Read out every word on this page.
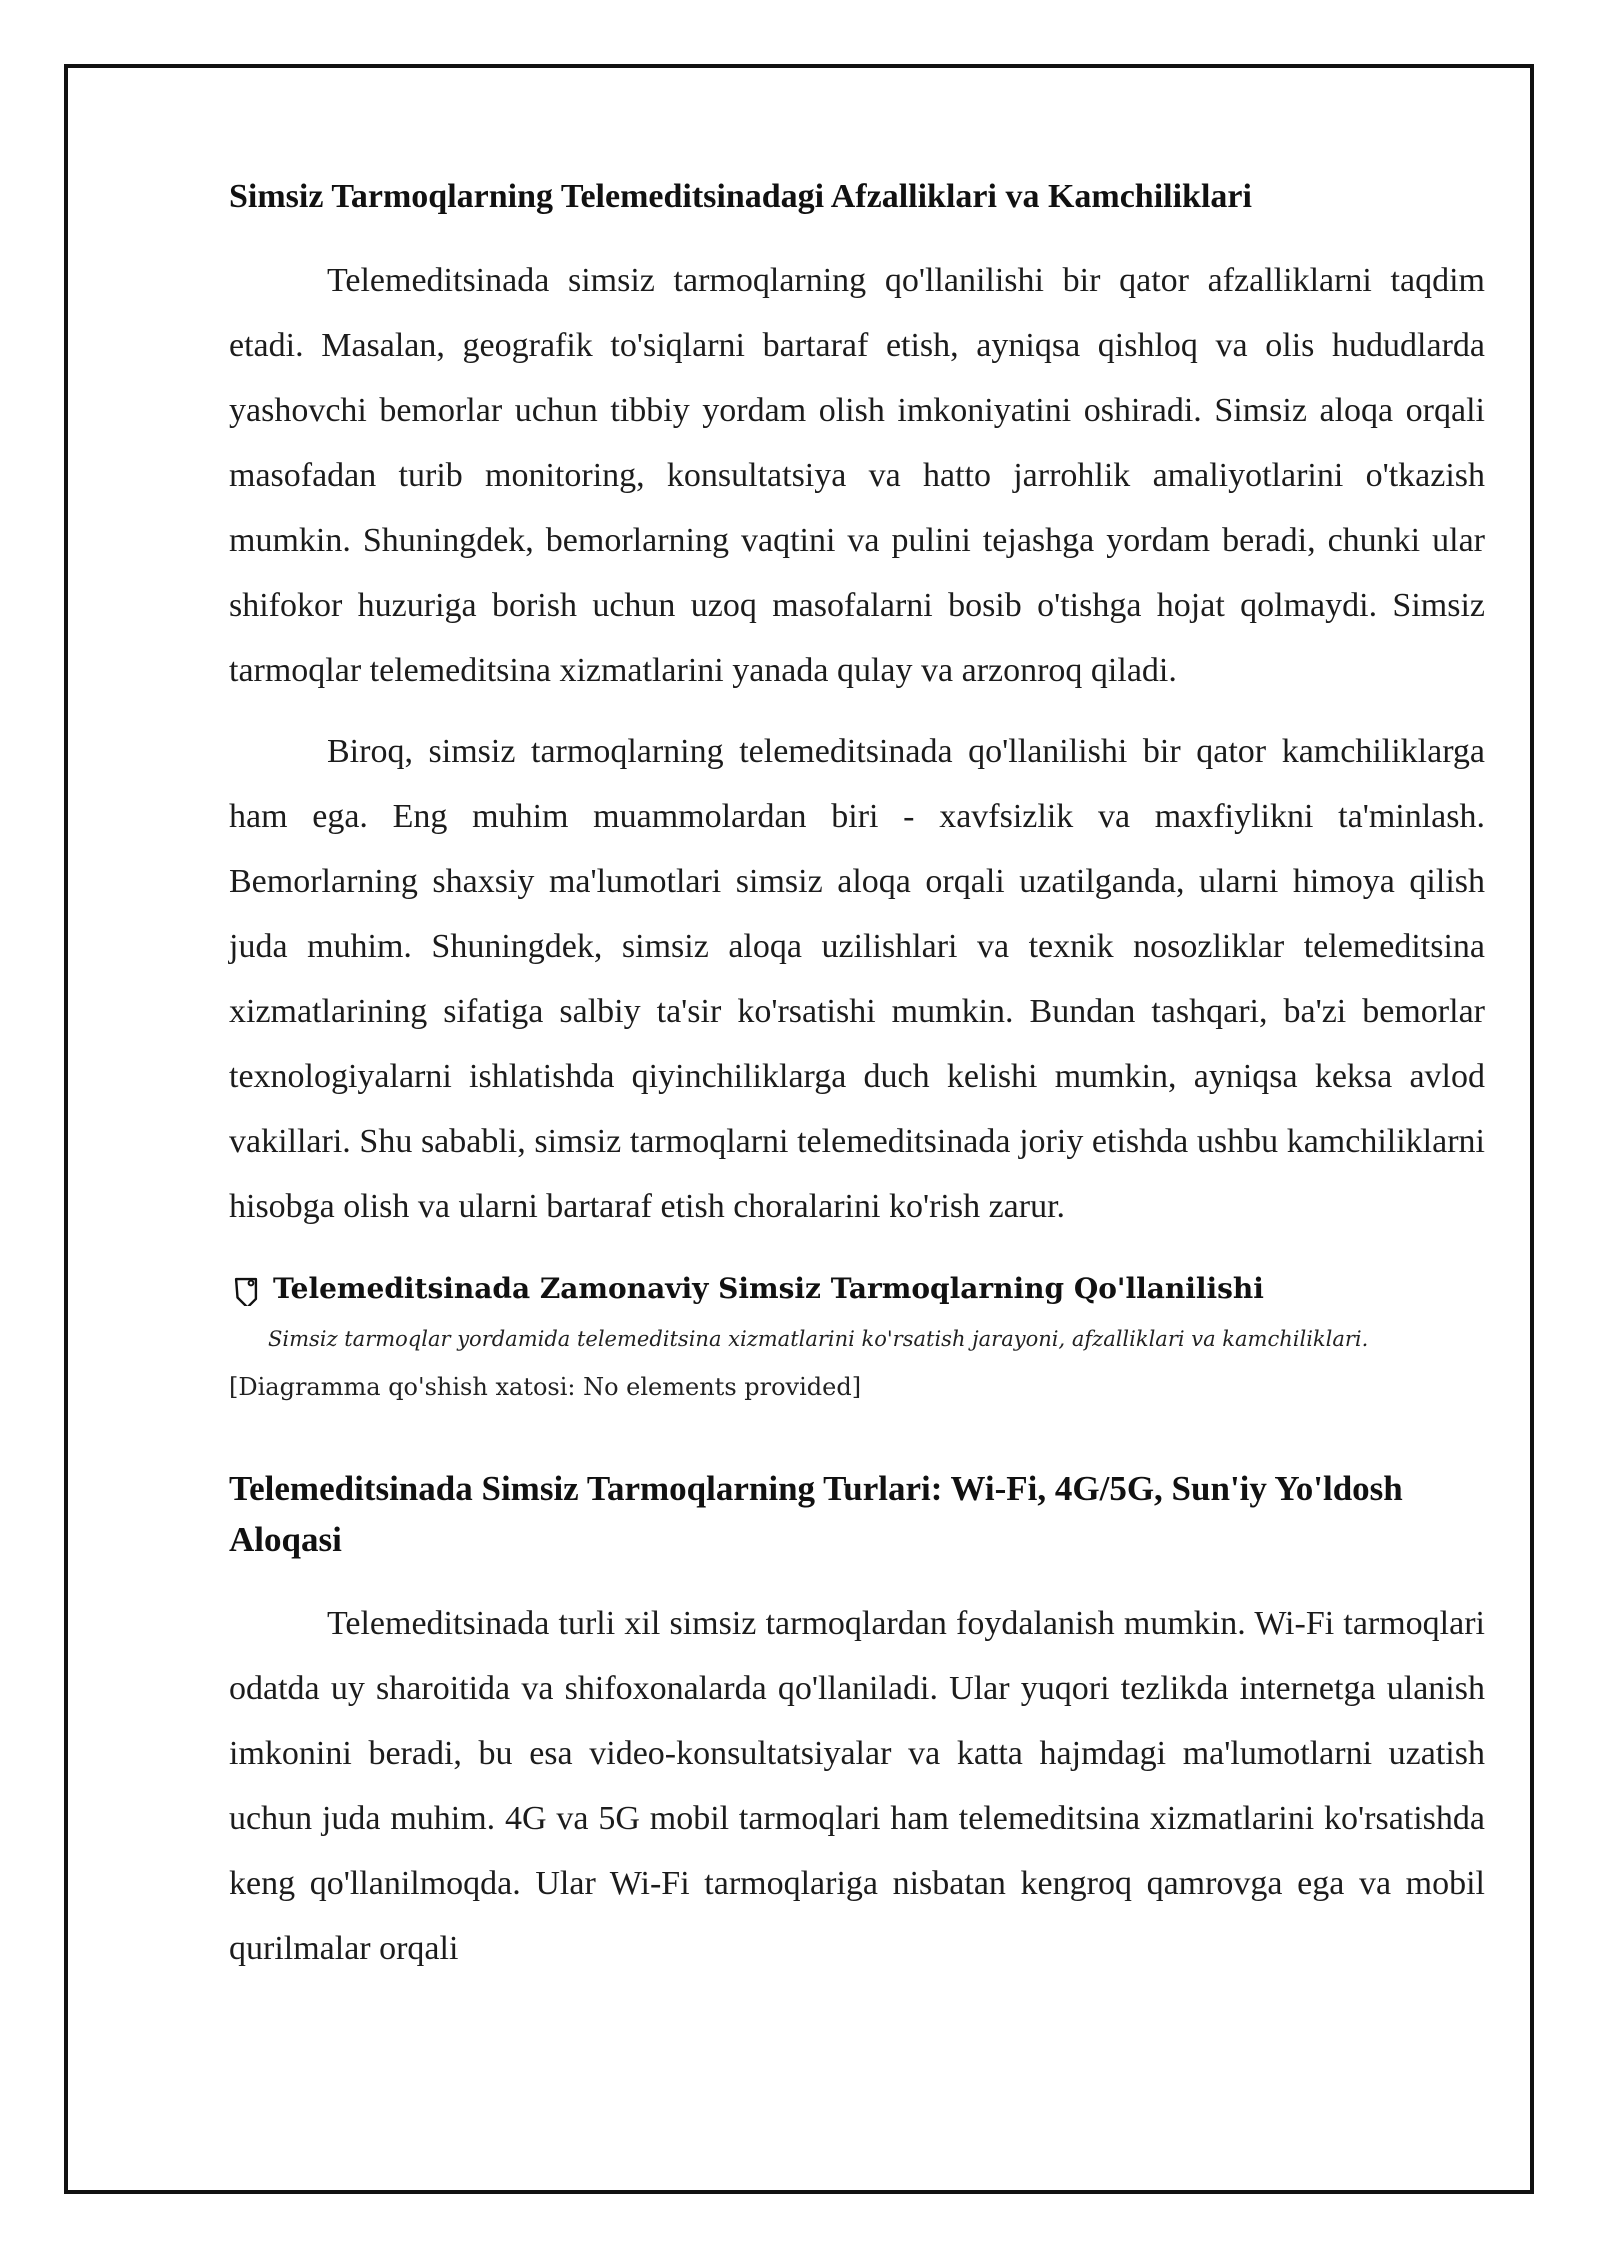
Simsiz Tarmoqlarning Telemeditsinadagi Afzalliklari va Kamchiliklari

Telemeditsinada simsiz tarmoqlarning qo'llanilishi bir qator afzalliklarni taqdim etadi. Masalan, geografik to'siqlarni bartaraf etish, ayniqsa qishloq va olis hududlarda yashovchi bemorlar uchun tibbiy yordam olish imkoniyatini oshiradi. Simsiz aloqa orqali masofadan turib monitoring, konsultatsiya va hatto jarrohlik amaliyotlarini o'tkazish mumkin. Shuningdek, bemorlarning vaqtini va pulini tejashga yordam beradi, chunki ular shifokor huzuriga borish uchun uzoq masofalarni bosib o'tishga hojat qolmaydi. Simsiz tarmoqlar telemeditsina xizmatlarini yanada qulay va arzonroq qiladi.

Biroq, simsiz tarmoqlarning telemeditsinada qo'llanilishi bir qator kamchiliklarga ham ega. Eng muhim muammolardan biri - xavfsizlik va maxfiylikni ta'minlash. Bemorlarning shaxsiy ma'lumotlari simsiz aloqa orqali uzatilganda, ularni himoya qilish juda muhim. Shuningdek, simsiz aloqa uzilishlari va texnik nosozliklar telemeditsina xizmatlarining sifatiga salbiy ta'sir ko'rsatishi mumkin. Bundan tashqari, ba'zi bemorlar texnologiyalarni ishlatishda qiyinchiliklarga duch kelishi mumkin, ayniqsa keksa avlod vakillari. Shu sababli, simsiz tarmoqlarni telemeditsinada joriy etishda ushbu kamchiliklarni hisobga olish va ularni bartaraf etish choralarini ko'rish zarur.

Telemeditsinada Zamonaviy Simsiz Tarmoqlarning Qo'llanilishi
Simsiz tarmoqlar yordamida telemeditsina xizmatlarini ko'rsatish jarayoni, afzalliklari va kamchiliklari.
[Diagramma qo'shish xatosi: No elements provided]
Telemeditsinada Simsiz Tarmoqlarning Turlari: Wi-Fi, 4G/5G, Sun'iy Yo'ldosh Aloqasi

Telemeditsinada turli xil simsiz tarmoqlardan foydalanish mumkin. Wi-Fi tarmoqlari odatda uy sharoitida va shifoxonalarda qo'llaniladi. Ular yuqori tezlikda internetga ulanish imkonini beradi, bu esa video-konsultatsiyalar va katta hajmdagi ma'lumotlarni uzatish uchun juda muhim. 4G va 5G mobil tarmoqlari ham telemeditsina xizmatlarini ko'rsatishda keng qo'llanilmoqda. Ular Wi-Fi tarmoqlariga nisbatan kengroq qamrovga ega va mobil qurilmalar orqali
